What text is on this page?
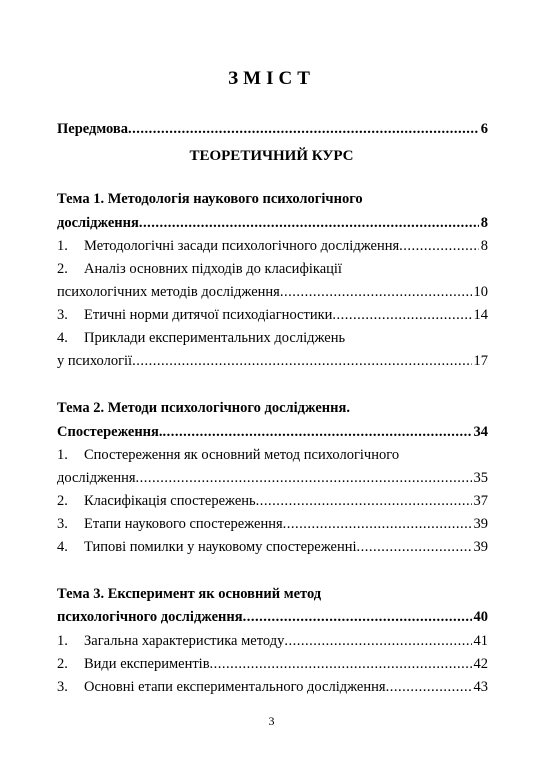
ЗМІСТ
Передмова .....	6
ТЕОРЕТИЧНИЙ КУРС
Тема 1. Методологія наукового психологічного
дослідження .....	8
1.	Методологічні засади психологічного дослідження .....	8
2.	Аналіз основних підходів до класифікації
психологічних методів дослідження .....	10
3.	Етичні норми дитячої психодіагностики .....	14
4.	Приклади експериментальних досліджень
у психології .....	17
Тема 2. Методи психологічного дослідження.
Спостереження. .....	34
1.	Спостереження як основний метод психологічного
дослідження .....	35
2.	Класифікація спостережень .....	37
3.	Етапи наукового спостереження .....	39
4.	Типові помилки у науковому спостереженні .....	39
Тема 3. Експеримент як основний метод
психологічного дослідження .....	40
1.	Загальна характеристика методу .....	41
2.	Види експериментів .....	42
3.	Основні етапи експериментального дослідження .....	43
3
